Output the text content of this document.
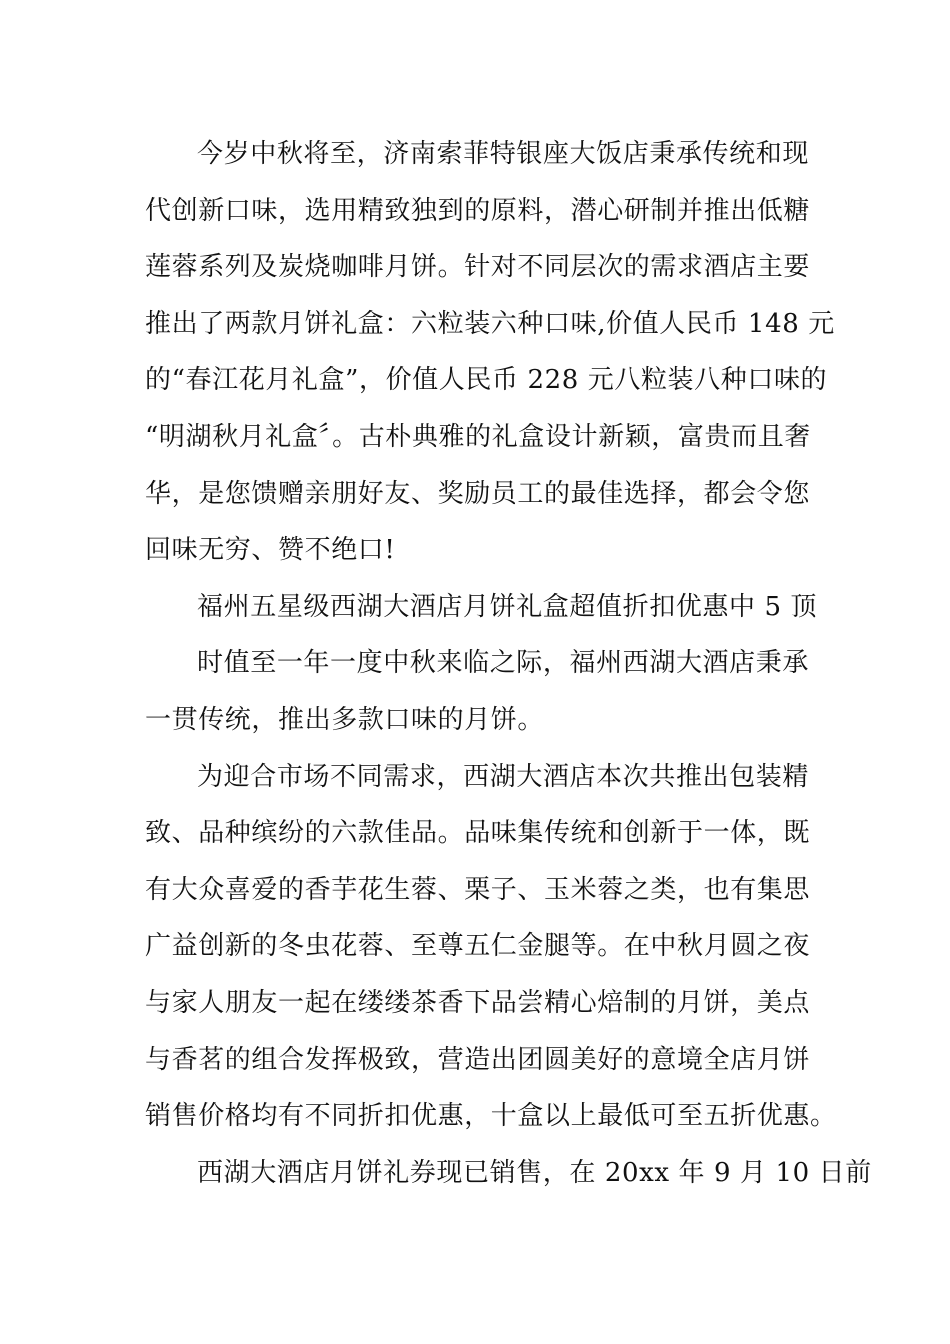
今岁中秋将至，济南索菲特银座大饭店秉承传统和现
代创新口味，选用精致独到的原料，潜心研制并推出低糖
莲蓉系列及炭烧咖啡月饼。针对不同层次的需求酒店主要
推出了两款月饼礼盒：六粒装六种口味,价值人民币 148 元
的“春江花月礼盒”，价值人民币 228 元八粒装八种口味的
“明湖秋月礼盒〞。古朴典雅的礼盒设计新颖，富贵而且奢
华，是您馈赠亲朋好友、奖励员工的最佳选择，都会令您
回味无穷、赞不绝口!

福州五星级西湖大酒店月饼礼盒超值折扣优惠中 5 顶

时值至一年一度中秋来临之际，福州西湖大酒店秉承
一贯传统，推出多款口味的月饼。

为迎合市场不同需求，西湖大酒店本次共推出包装精
致、品种缤纷的六款佳品。品味集传统和创新于一体，既
有大众喜爱的香芋花生蓉、栗子、玉米蓉之类，也有集思
广益创新的冬虫花蓉、至尊五仁金腿等。在中秋月圆之夜
与家人朋友一起在缕缕茶香下品尝精心焙制的月饼，美点
与香茗的组合发挥极致，营造出团圆美好的意境全店月饼
销售价格均有不同折扣优惠，十盒以上最低可至五折优惠。

西湖大酒店月饼礼券现已销售，在 20xx 年 9 月 10 日前
